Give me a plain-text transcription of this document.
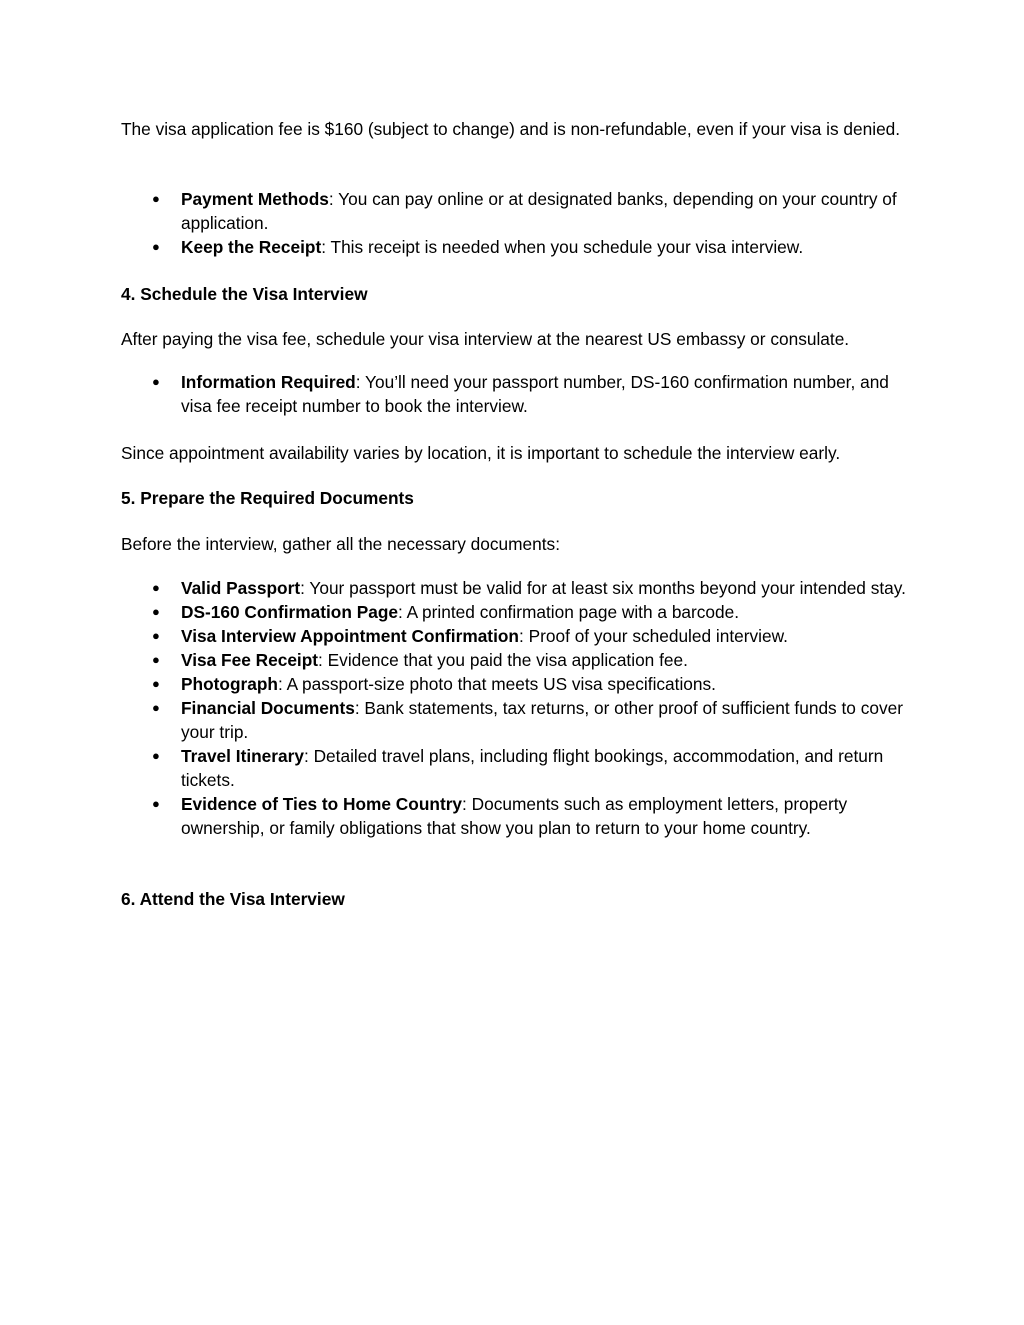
The visa application fee is $160 (subject to change) and is non-refundable, even if your visa is denied.

● Payment Methods: You can pay online or at designated banks, depending on your country of application.
● Keep the Receipt: This receipt is needed when you schedule your visa interview.

4. Schedule the Visa Interview

After paying the visa fee, schedule your visa interview at the nearest US embassy or consulate.

● Information Required: You’ll need your passport number, DS-160 confirmation number, and visa fee receipt number to book the interview.

Since appointment availability varies by location, it is important to schedule the interview early.

5. Prepare the Required Documents

Before the interview, gather all the necessary documents:

● Valid Passport: Your passport must be valid for at least six months beyond your intended stay.
● DS-160 Confirmation Page: A printed confirmation page with a barcode.
● Visa Interview Appointment Confirmation: Proof of your scheduled interview.
● Visa Fee Receipt: Evidence that you paid the visa application fee.
● Photograph: A passport-size photo that meets US visa specifications.
● Financial Documents: Bank statements, tax returns, or other proof of sufficient funds to cover your trip.
● Travel Itinerary: Detailed travel plans, including flight bookings, accommodation, and return tickets.
● Evidence of Ties to Home Country: Documents such as employment letters, property ownership, or family obligations that show you plan to return to your home country.

6. Attend the Visa Interview
